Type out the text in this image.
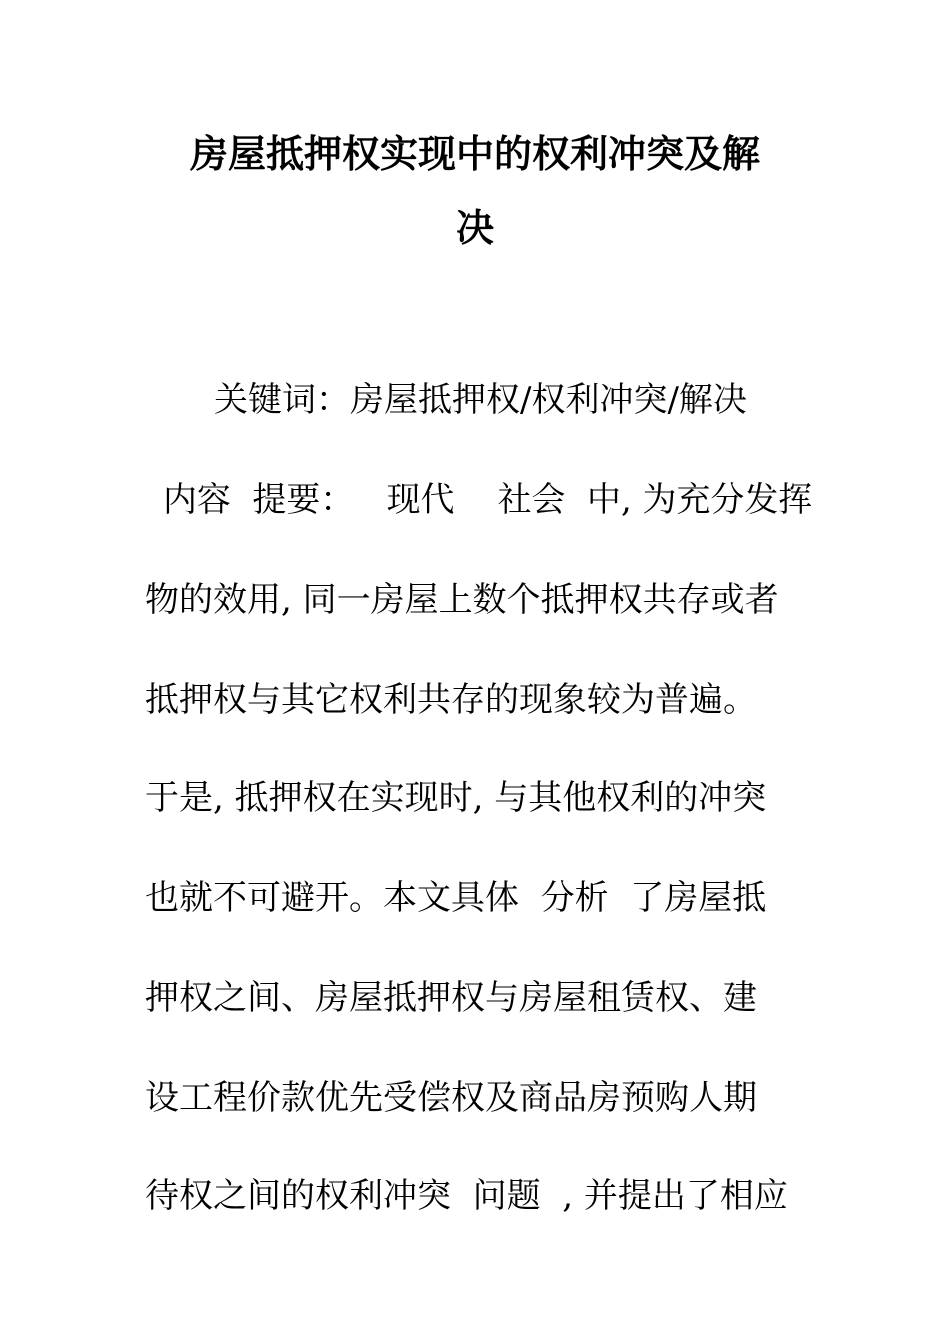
房屋抵押权实现中的权利冲突及解
决
关键词：房屋抵押权/权利冲突/解决
内容  提要：   现代    社会  中, 为充分发挥
物的效用, 同一房屋上数个抵押权共存或者
抵押权与其它权利共存的现象较为普遍。
于是, 抵押权在实现时, 与其他权利的冲突
也就不可避开。本文具体  分析  了房屋抵
押权之间、房屋抵押权与房屋租赁权、建
设工程价款优先受偿权及商品房预购人期
待权之间的权利冲突  问题  , 并提出了相应
